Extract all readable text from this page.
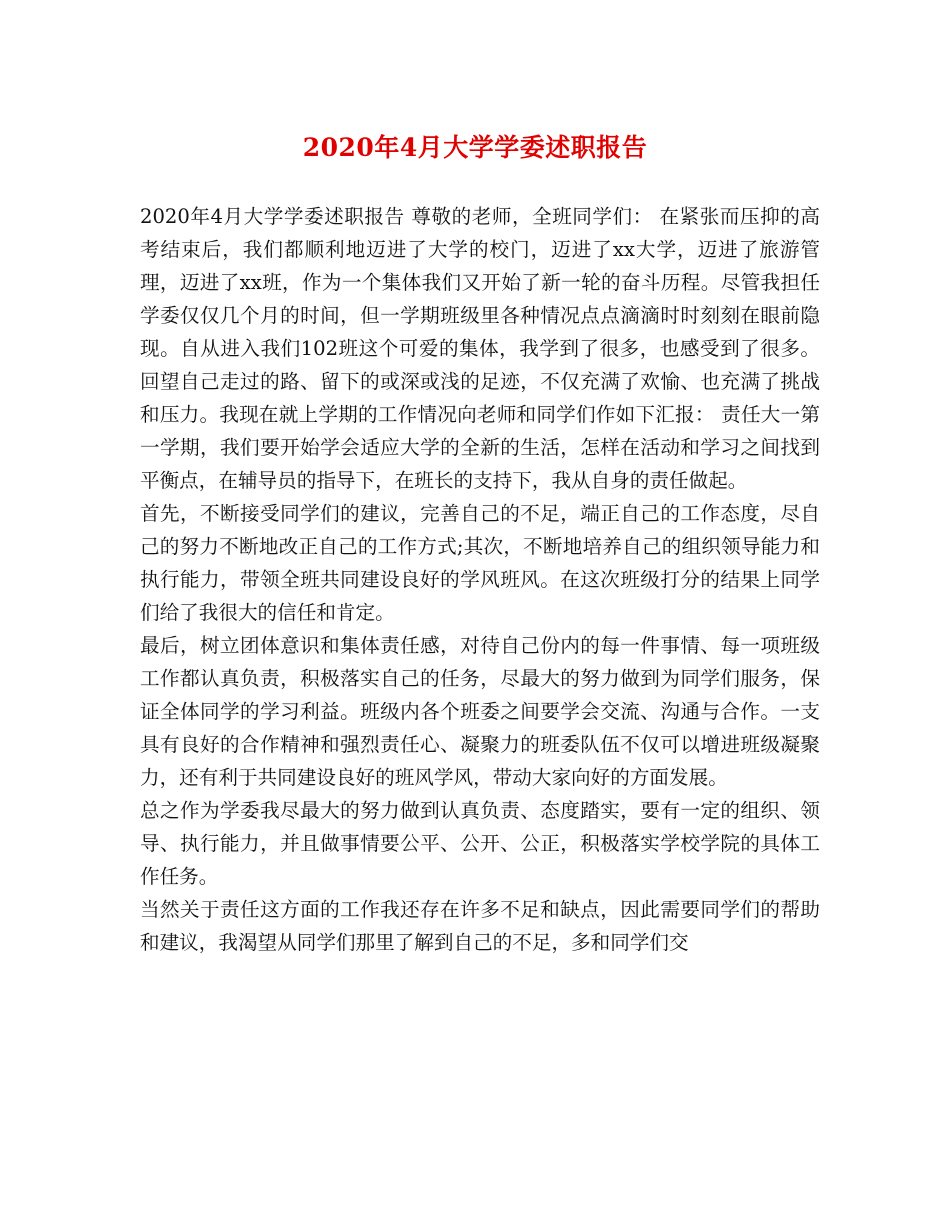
2020年4月大学学委述职报告

2020年4月大学学委述职报告 尊敬的老师，全班同学们： 在紧张而压抑的高考结束后，我们都顺利地迈进了大学的校门，迈进了xx大学，迈进了旅游管理，迈进了xx班，作为一个集体我们又开始了新一轮的奋斗历程。尽管我担任学委仅仅几个月的时间，但一学期班级里各种情况点点滴滴时时刻刻在眼前隐现。自从进入我们102班这个可爱的集体，我学到了很多，也感受到了很多。回望自己走过的路、留下的或深或浅的足迹，不仅充满了欢愉、也充满了挑战和压力。我现在就上学期的工作情况向老师和同学们作如下汇报： 责任大一第一学期，我们要开始学会适应大学的全新的生活，怎样在活动和学习之间找到平衡点，在辅导员的指导下，在班长的支持下，我从自身的责任做起。

首先，不断接受同学们的建议，完善自己的不足，端正自己的工作态度，尽自己的努力不断地改正自己的工作方式;其次，不断地培养自己的组织领导能力和执行能力，带领全班共同建设良好的学风班风。在这次班级打分的结果上同学们给了我很大的信任和肯定。

最后，树立团体意识和集体责任感，对待自己份内的每一件事情、每一项班级工作都认真负责，积极落实自己的任务，尽最大的努力做到为同学们服务，保证全体同学的学习利益。班级内各个班委之间要学会交流、沟通与合作。一支具有良好的合作精神和强烈责任心、凝聚力的班委队伍不仅可以增进班级凝聚力，还有利于共同建设良好的班风学风，带动大家向好的方面发展。

总之作为学委我尽最大的努力做到认真负责、态度踏实，要有一定的组织、领导、执行能力，并且做事情要公平、公开、公正，积极落实学校学院的具体工作任务。

当然关于责任这方面的工作我还存在许多不足和缺点，因此需要同学们的帮助和建议，我渴望从同学们那里了解到自己的不足，多和同学们交
